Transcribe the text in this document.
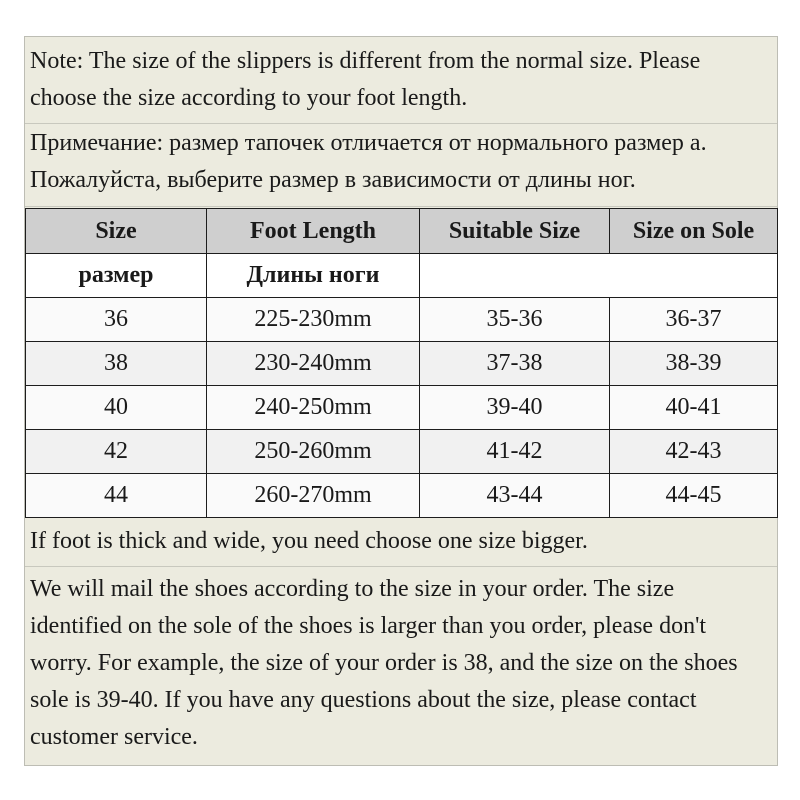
Note: The size of the slippers is different from the normal size. Please choose the size according to your foot length.
Примечание: размер тапочек отличается от нормального размер а. Пожалуйста, выберите размер в зависимости от длины ног.
Size	Foot Length	Suitable Size	Size on Sole
размер	Длины ноги		
36	225-230mm	35-36	36-37
38	230-240mm	37-38	38-39
40	240-250mm	39-40	40-41
42	250-260mm	41-42	42-43
44	260-270mm	43-44	44-45
If foot is thick and wide, you need choose one size bigger.
We will mail the shoes according to the size in your order. The size identified on the sole of the shoes is larger than you order, please don't worry. For example, the size of your order is 38, and the size on the shoes sole is 39-40. If you have any questions about the size, please contact customer service.
